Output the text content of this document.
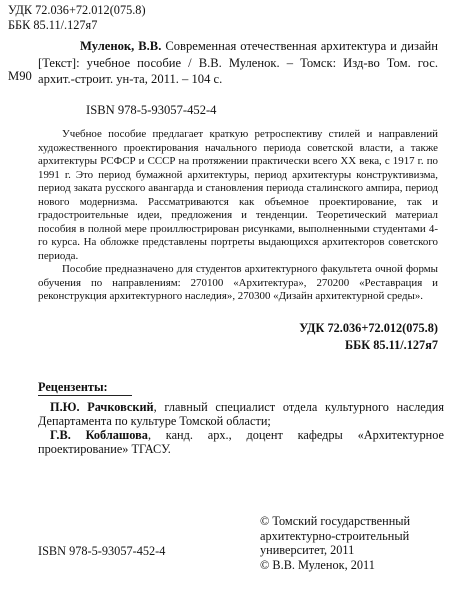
УДК 72.036+72.012(075.8)
ББК 85.11/.127я7
М90
Муленок, В.В. Современная отечественная архитектура и дизайн [Текст]: учебное пособие / В.В. Муленок. – Томск: Изд-во Том. гос. архит.-строит. ун-та, 2011. – 104 с.
ISBN 978-5-93057-452-4

Учебное пособие предлагает краткую ретроспективу стилей и направлений художественного проектирования начального периода советской власти, а также архитектуры РСФСР и СССР на протяжении практически всего XX века, с 1917 г. по 1991 г. Это период бумажной архитектуры, период архитектуры конструктивизма, период заката русского авангарда и становления периода сталинского ампира, период нового модернизма. Рассматриваются как объемное проектирование, так и градостроительные идеи, предложения и тенденции. Теоретический материал пособия в полной мере проиллюстрирован рисунками, выполненными студентами 4-го курса. На обложке представлены портреты выдающихся архитекторов советского периода.

Пособие предназначено для студентов архитектурного факультета очной формы обучения по направлениям: 270100 «Архитектура», 270200 «Реставрация и реконструкция архитектурного наследия», 270300 «Дизайн архитектурной среды».

УДК 72.036+72.012(075.8)
ББК 85.11/.127я7
Рецензенты:

П.Ю. Рачковский, главный специалист отдела культурного наследия Департамента по культуре Томской области;

Г.В. Коблашова, канд. арх., доцент кафедры «Архитектурное проектирование» ТГАСУ.

ISBN 978-5-93057-452-4
© Томский государственный архитектурно-строительный университет, 2011
© В.В. Муленок, 2011
